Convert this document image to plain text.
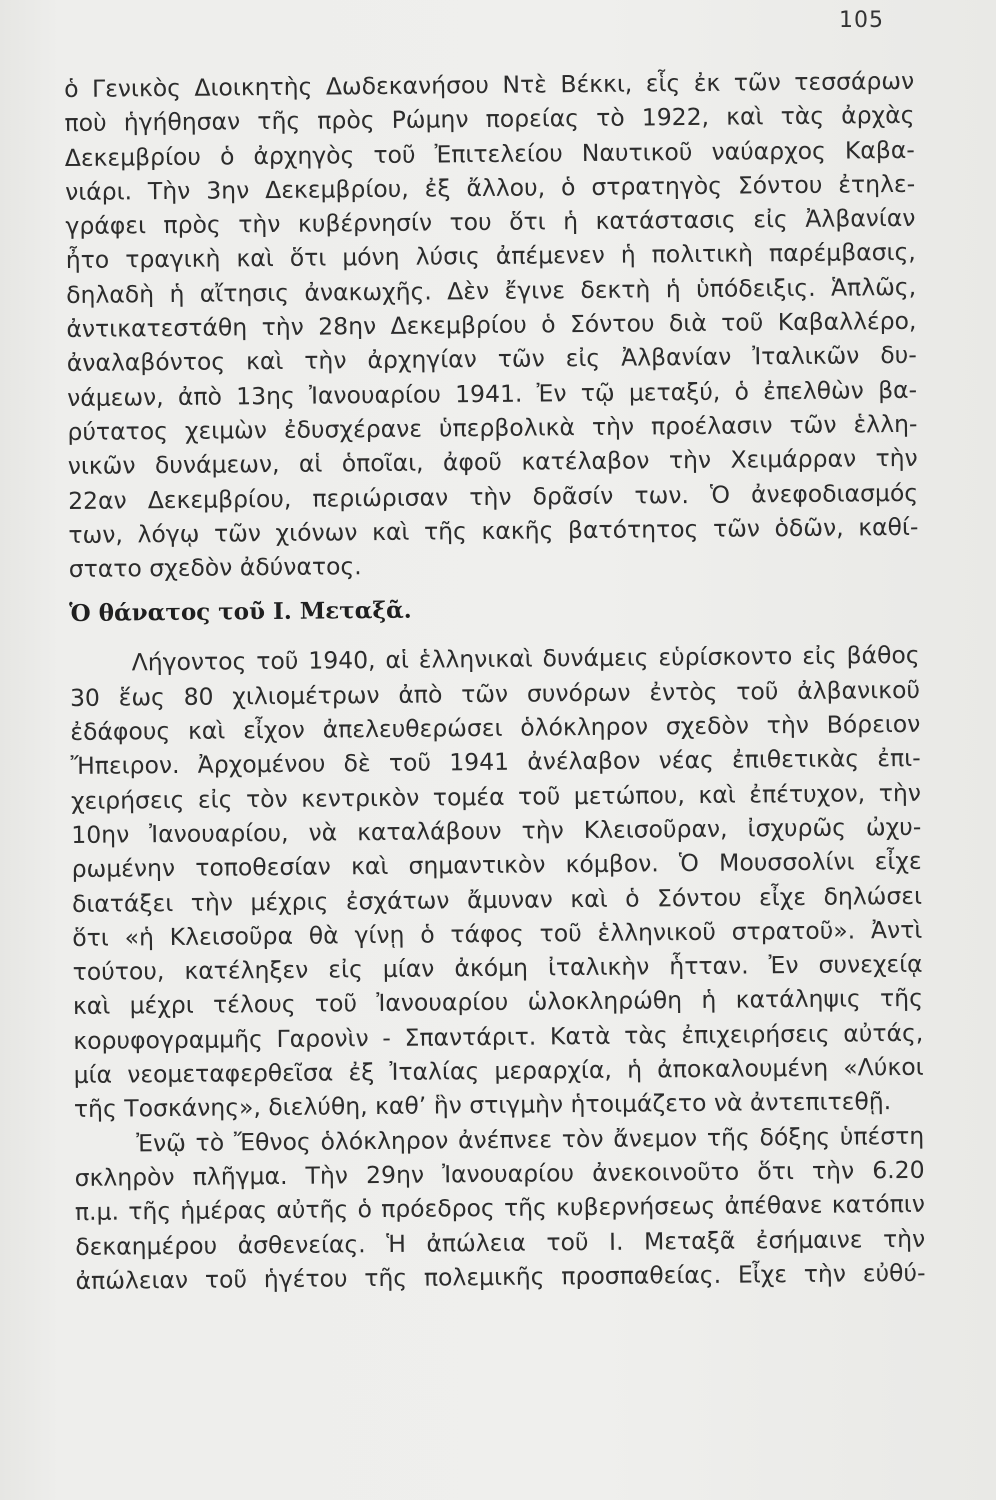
105
ὁ Γενικὸς Διοικητὴς Δωδεκανήσου Ντὲ Βέκκι, εἷς ἐκ τῶν τεσσάρων
ποὺ ἡγήθησαν τῆς πρὸς Ρώμην πορείας τὸ 1922, καὶ τὰς ἀρχὰς
Δεκεμβρίου ὁ ἀρχηγὸς τοῦ Ἐπιτελείου Ναυτικοῦ ναύαρχος Καβα-
νιάρι. Τὴν 3ην Δεκεμβρίου, ἐξ ἄλλου, ὁ στρατηγὸς Σόντου ἐτηλε-
γράφει πρὸς τὴν κυβέρνησίν του ὅτι ἡ κατάστασις εἰς Ἀλβανίαν
ἦτο τραγικὴ καὶ ὅτι μόνη λύσις ἀπέμενεν ἡ πολιτικὴ παρέμβασις,
δηλαδὴ ἡ αἴτησις ἀνακωχῆς. Δὲν ἔγινε δεκτὴ ἡ ὑπόδειξις. Ἁπλῶς,
ἀντικατεστάθη τὴν 28ην Δεκεμβρίου ὁ Σόντου διὰ τοῦ Καβαλλέρο,
ἀναλαβόντος καὶ τὴν ἀρχηγίαν τῶν εἰς Ἀλβανίαν Ἰταλικῶν δυ-
νάμεων, ἀπὸ 13ης Ἰανουαρίου 1941. Ἐν τῷ μεταξύ, ὁ ἐπελθὼν βα-
ρύτατος χειμὼν ἐδυσχέρανε ὑπερβολικὰ τὴν προέλασιν τῶν ἑλλη-
νικῶν δυνάμεων, αἱ ὁποῖαι, ἀφοῦ κατέλαβον τὴν Χειμάρραν τὴν
22αν Δεκεμβρίου, περιώρισαν τὴν δρᾶσίν των. Ὁ ἀνεφοδιασμός
των, λόγῳ τῶν χιόνων καὶ τῆς κακῆς βατότητος τῶν ὁδῶν, καθί-
στατο σχεδὸν ἀδύνατος.
Ὁ θάνατος τοῦ Ι. Μεταξᾶ.
Λήγοντος τοῦ 1940, αἱ ἑλληνικαὶ δυνάμεις εὑρίσκοντο εἰς βάθος
30 ἕως 80 χιλιομέτρων ἀπὸ τῶν συνόρων ἐντὸς τοῦ ἀλβανικοῦ
ἐδάφους καὶ εἶχον ἀπελευθερώσει ὁλόκληρον σχεδὸν τὴν Βόρειον
Ἤπειρον. Ἀρχομένου δὲ τοῦ 1941 ἀνέλαβον νέας ἐπιθετικὰς ἐπι-
χειρήσεις εἰς τὸν κεντρικὸν τομέα τοῦ μετώπου, καὶ ἐπέτυχον, τὴν
10ην Ἰανουαρίου, νὰ καταλάβουν τὴν Κλεισοῦραν, ἰσχυρῶς ὠχυ-
ρωμένην τοποθεσίαν καὶ σημαντικὸν κόμβον. Ὁ Μουσσολίνι εἶχε
διατάξει τὴν μέχρις ἐσχάτων ἄμυναν καὶ ὁ Σόντου εἶχε δηλώσει
ὅτι «ἡ Κλεισοῦρα θὰ γίνῃ ὁ τάφος τοῦ ἑλληνικοῦ στρατοῦ». Ἀντὶ
τούτου, κατέληξεν εἰς μίαν ἀκόμη ἰταλικὴν ἧτταν. Ἐν συνεχείᾳ
καὶ μέχρι τέλους τοῦ Ἰανουαρίου ὡλοκληρώθη ἡ κατάληψις τῆς
κορυφογραμμῆς Γαρονὶν - Σπαντάριτ. Κατὰ τὰς ἐπιχειρήσεις αὐτάς,
μία νεομεταφερθεῖσα ἐξ Ἰταλίας μεραρχία, ἡ ἀποκαλουμένη «Λύκοι
τῆς Τοσκάνης», διελύθη, καθ’ ἣν στιγμὴν ἡτοιμάζετο νὰ ἀντεπιτεθῇ.
Ἐνῷ τὸ Ἔθνος ὁλόκληρον ἀνέπνεε τὸν ἄνεμον τῆς δόξης ὑπέστη
σκληρὸν πλῆγμα. Τὴν 29ην Ἰανουαρίου ἀνεκοινοῦτο ὅτι τὴν 6.20
π.μ. τῆς ἡμέρας αὐτῆς ὁ πρόεδρος τῆς κυβερνήσεως ἀπέθανε κατόπιν
δεκαημέρου ἀσθενείας. Ἡ ἀπώλεια τοῦ Ι. Μεταξᾶ ἐσήμαινε τὴν
ἀπώλειαν τοῦ ἡγέτου τῆς πολεμικῆς προσπαθείας. Εἶχε τὴν εὐθύ-
